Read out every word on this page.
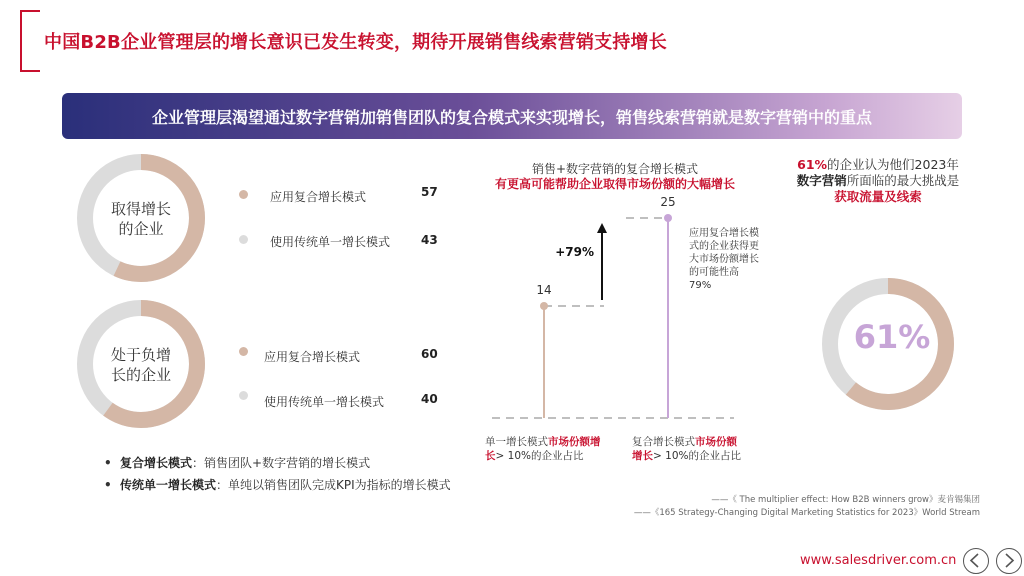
中国B2B企业管理层的增长意识已发生转变，期待开展销售线索营销支持增长
企业管理层渴望通过数字营销加销售团队的复合模式来实现增长，销售线索营销就是数字营销中的重点
取得增长
的企业
应用复合增长模式	57
使用传统单一增长模式	43
处于负增
长的企业
应用复合增长模式	60
使用传统单一增长模式	40
• 复合增长模式：销售团队+数字营销的增长模式
• 传统单一增长模式：单纯以销售团队完成KPI为指标的增长模式
销售+数字营销的复合增长模式
有更高可能帮助企业取得市场份额的大幅增长
14
25
+79%
应用复合增长模式的企业获得更大市场份额增长的可能性高79%
单一增长模式市场份额增
长> 10%的企业占比
复合增长模式市场份额
增长> 10%的企业占比
61%的企业认为他们2023年
数字营销所面临的最大挑战是
获取流量及线索
61%
——《 The multiplier effect: How B2B winners grow》麦肯锡集团
——《165 Strategy-Changing Digital Marketing Statistics for 2023》World Stream
www.salesdriver.com.cn
